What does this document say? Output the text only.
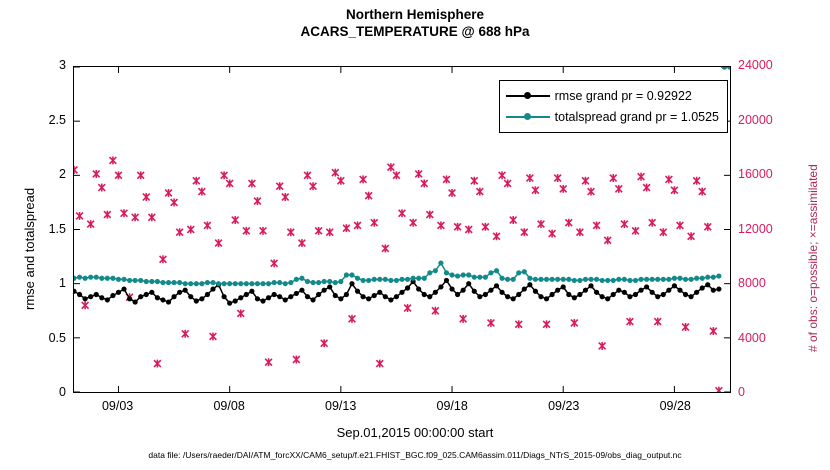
Northern Hemisphere
ACARS_TEMPERATURE @ 688 hPa
rmse and totalspread	# of obs: o=possible; ×=assimilated
0
0.5
1
1.5
2
2.5
3
0
4000
8000
12000
16000
20000
24000
09/03	09/08	09/13	09/18	09/23	09/28
rmse grand pr = 0.92922
totalspread grand pr = 1.0525
Sep.01,2015 00:00:00 start
data file: /Users/raeder/DAI/ATM_forcXX/CAM6_setup/f.e21.FHIST_BGC.f09_025.CAM6assim.011/Diags_NTrS_2015-09/obs_diag_output.nc
